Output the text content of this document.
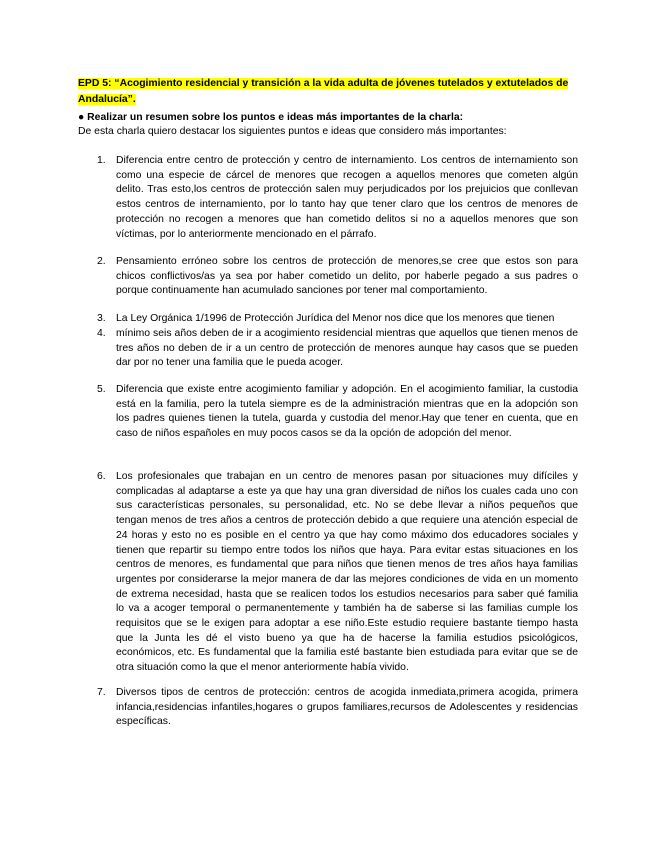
EPD 5: “Acogimiento residencial y transición a la vida adulta de jóvenes tutelados y extutelados de Andalucía”.
● Realizar un resumen sobre los puntos e ideas más importantes de la charla:
De esta charla quiero destacar los siguientes puntos e ideas que considero más importantes:
1. Diferencia entre centro de protección y centro de internamiento. Los centros de internamiento son como una especie de cárcel de menores que recogen a aquellos menores que cometen algún delito. Tras esto,los centros de protección salen muy perjudicados por los prejuicios que conllevan estos centros de internamiento, por lo tanto hay que tener claro que los centros de menores de protección no recogen a menores que han cometido delitos si no a aquellos menores que son víctimas, por lo anteriormente mencionado en el párrafo.
2. Pensamiento erróneo sobre los centros de protección de menores,se cree que estos son para chicos conflictivos/as ya sea por haber cometido un delito, por haberle pegado a sus padres o porque continuamente han acumulado sanciones por tener mal comportamiento.
3. La Ley Orgánica 1/1996 de Protección Jurídica del Menor nos dice que los menores que tienen
4. mínimo seis años deben de ir a acogimiento residencial mientras que aquellos que tienen menos de tres años no deben de ir a un centro de protección de menores aunque hay casos que se pueden dar por no tener una familia que le pueda acoger.
5. Diferencia que existe entre acogimiento familiar y adopción. En el acogimiento familiar, la custodia está en la familia, pero la tutela siempre es de la administración mientras que en la adopción son los padres quienes tienen la tutela, guarda y custodia del menor.Hay que tener en cuenta, que en caso de niños españoles en muy pocos casos se da la opción de adopción del menor.
6. Los profesionales que trabajan en un centro de menores pasan por situaciones muy difíciles y complicadas al adaptarse a este ya que hay una gran diversidad de niños los cuales cada uno con sus características personales, su personalidad, etc. No se debe llevar a niños pequeños que tengan menos de tres años a centros de protección debido a que requiere una atención especial de 24 horas y esto no es posible en el centro ya que hay como máximo dos educadores sociales y tienen que repartir su tiempo entre todos los niños que haya. Para evitar estas situaciones en los centros de menores, es fundamental que para niños que tienen menos de tres años haya familias urgentes por considerarse la mejor manera de dar las mejores condiciones de vida en un momento de extrema necesidad, hasta que se realicen todos los estudios necesarios para saber qué familia lo va a acoger temporal o permanentemente y también ha de saberse si las familias cumple los requisitos que se le exigen para adoptar a ese niño.Este estudio requiere bastante tiempo hasta que la Junta les dé el visto bueno ya que ha de hacerse la familia estudios psicológicos, económicos, etc. Es fundamental que la familia esté bastante bien estudiada para evitar que se de otra situación como la que el menor anteriormente había vivido.
7. Diversos tipos de centros de protección: centros de acogida inmediata,primera acogida, primera infancia,residencias infantiles,hogares o grupos familiares,recursos de Adolescentes y residencias específicas.
